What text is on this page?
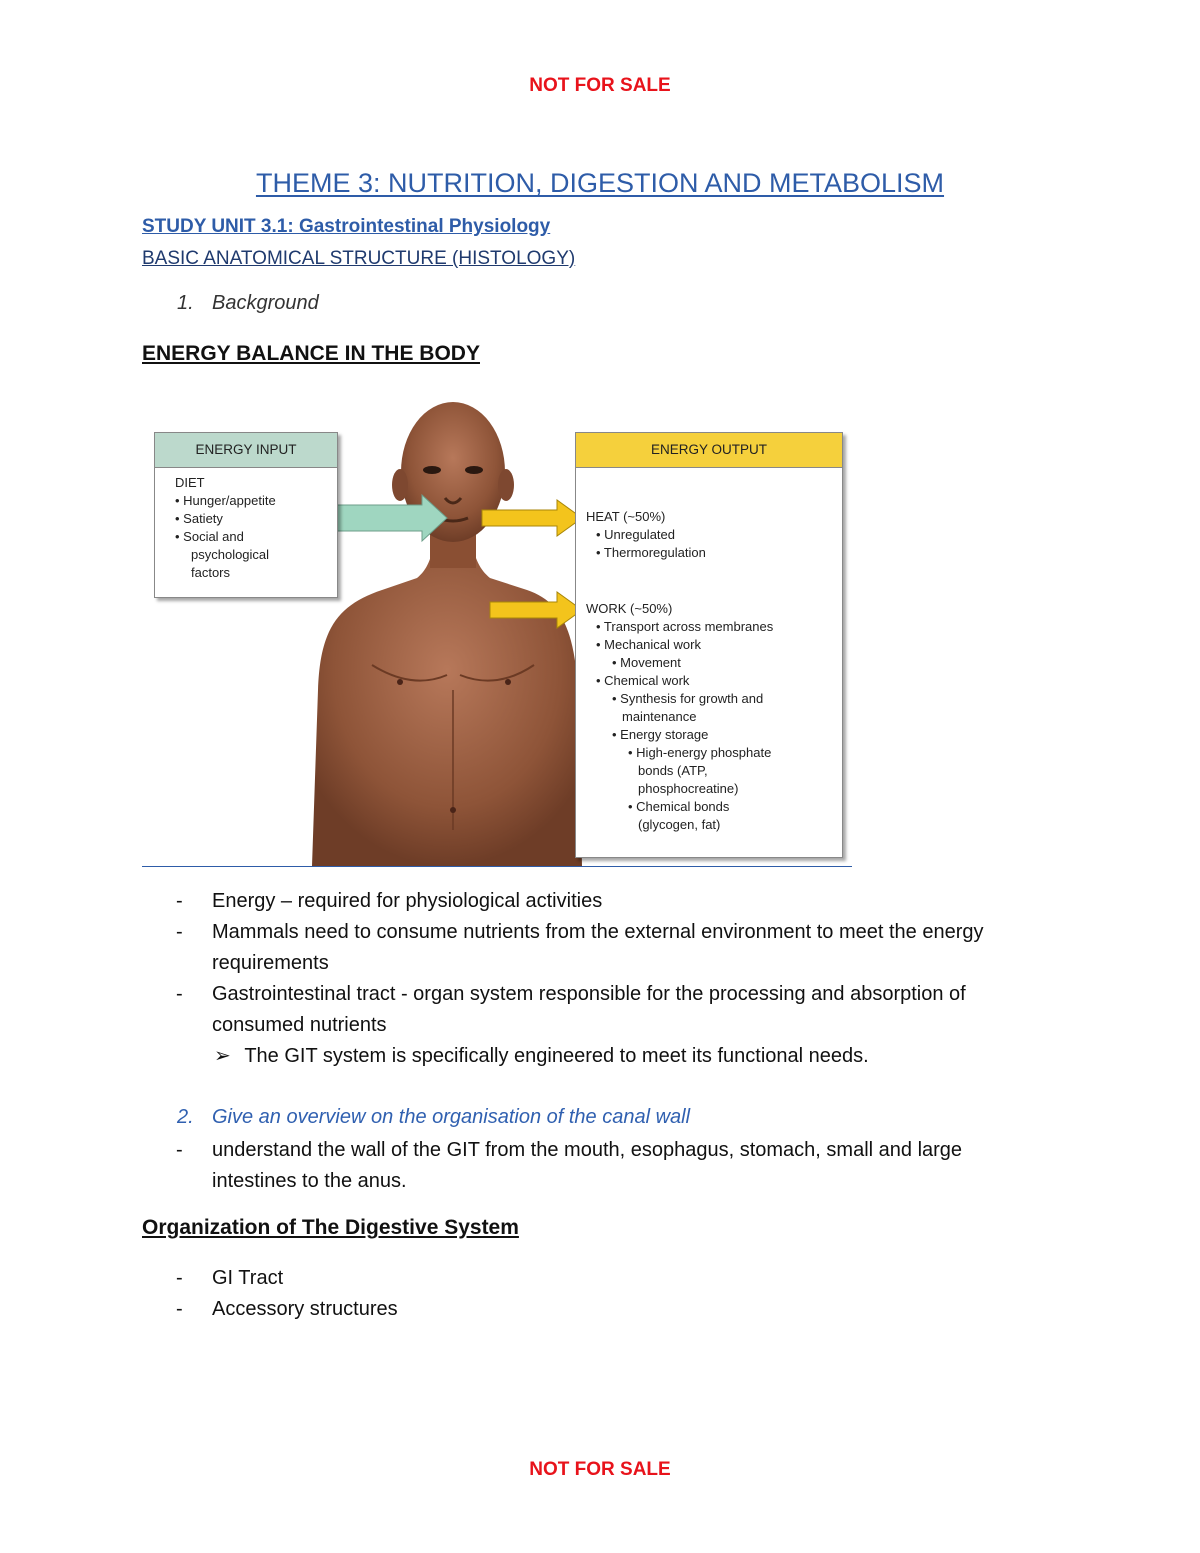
NOT FOR SALE
THEME 3: NUTRITION, DIGESTION AND METABOLISM
STUDY UNIT 3.1: Gastrointestinal Physiology
BASIC ANATOMICAL STRUCTURE (HISTOLOGY)
1. Background
ENERGY BALANCE IN THE BODY
ENERGY INPUT
DIET
• Hunger/appetite
• Satiety
• Social and
psychological
factors
ENERGY OUTPUT
HEAT (~50%)
• Unregulated
• Thermoregulation
WORK (~50%)
• Transport across membranes
• Mechanical work
• Movement
• Chemical work
• Synthesis for growth and
maintenance
• Energy storage
• High-energy phosphate
bonds (ATP,
phosphocreatine)
• Chemical bonds
(glycogen, fat)
- Energy – required for physiological activities
- Mammals need to consume nutrients from the external environment to meet the energy requirements
- Gastrointestinal tract - organ system responsible for the processing and absorption of consumed nutrients
➢ The GIT system is specifically engineered to meet its functional needs.
2. Give an overview on the organisation of the canal wall
- understand the wall of the GIT from the mouth, esophagus, stomach, small and large intestines to the anus.
Organization of The Digestive System
- GI Tract
- Accessory structures
NOT FOR SALE
